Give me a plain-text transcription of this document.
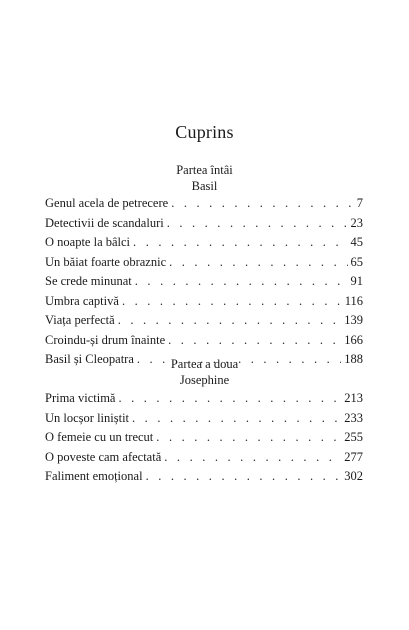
Cuprins
Partea întâi
Basil
Genul acela de petrecere . . .	7
Detectivii de scandaluri . . .	23
O noapte la bâlci . . .	45
Un băiat foarte obraznic . . .	65
Se crede minunat . . .	91
Umbra captivă . . .	116
Viața perfectă . . .	139
Croindu-și drum înainte . . .	166
Basil și Cleopatra . . .	188
Partea a doua
Josephine
Prima victimă . . .	213
Un locșor liniștit . . .	233
O femeie cu un trecut . . .	255
O poveste cam afectată . . .	277
Faliment emoțional . . .	302
